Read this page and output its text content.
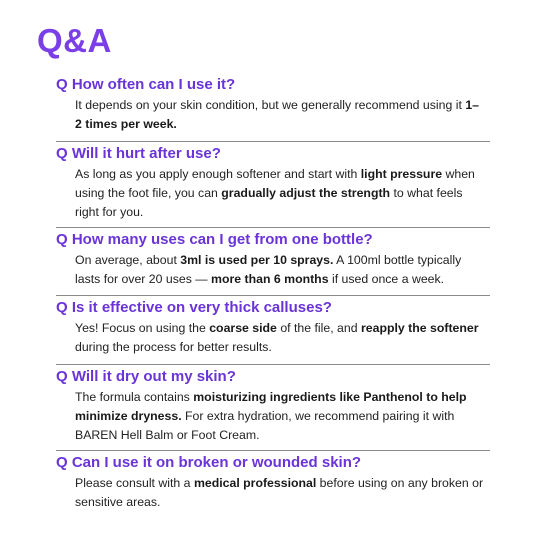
Q&A

Q How often can I use it?

It depends on your skin condition, but we generally recommend using it 1–2 times per week.

Q Will it hurt after use?

As long as you apply enough softener and start with light pressure when using the foot file, you can gradually adjust the strength to what feels right for you.

Q How many uses can I get from one bottle?

On average, about 3ml is used per 10 sprays. A 100ml bottle typically lasts for over 20 uses — more than 6 months if used once a week.

Q Is it effective on very thick calluses?

Yes! Focus on using the coarse side of the file, and reapply the softener during the process for better results.

Q Will it dry out my skin?

The formula contains moisturizing ingredients like Panthenol to help minimize dryness. For extra hydration, we recommend pairing it with BAREN Hell Balm or Foot Cream.

Q Can I use it on broken or wounded skin?

Please consult with a medical professional before using on any broken or sensitive areas.
